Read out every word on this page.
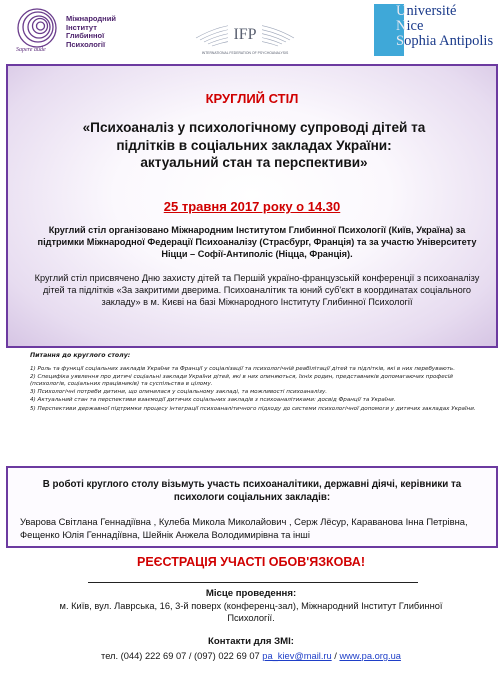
Sapere aude
Міжнародний
Інститут
Глибинної
Психології
IFP
INTERNATIONAL FEDERATION OF PSYCHOANALYSIS
Université
Nice
Sophia Antipolis
КРУГЛИЙ СТІЛ
«Психоаналіз у психологічному супроводі дітей та
підлітків в соціальних закладах України:
актуальний стан та перспективи»
25 травня 2017 року о 14.30
Круглий стіл організовано Міжнародним Інститутом Глибинної Психології (Київ, Україна) за підтримки Міжнародної Федерації Психоаналізу (Страсбург, Франція) та за участю Університету Ніцци – Софії-Антиполіс (Ніцца, Франція).
Круглий стіл присвячено Дню захисту дітей та Першій україно-французській конференції з психоаналізу дітей та підлітків «За закритими дверима. Психоаналітик та юний суб'єкт в координатах соціального закладу» в м. Києві на базі Міжнародного Інституту Глибинної Психології
Питання до круглого столу:
1) Роль та функції соціальних закладів України та Франції у соціалізації та психологічній реабілітації дітей та підлітків, які в них перебувають.
2) Специфіка уявлення про дитячі соціальні заклади України дітей, які в них опиняються, їхніх родин, представників допомагаючих професій (психологів, соціальних працівників) та суспільства в цілому.
3) Психологічні потреби дитини, що опинилася у соціальному закладі, та можливості психоаналізу.
4) Актуальний стан та перспективи взаємодії дитячих соціальних закладів з психоаналітиками: досвід Франції та України.
5) Перспективи державної підтримки процесу інтеграції психоаналітичного підходу до системи психологічної допомоги у дитячих закладах України.
В роботі круглого столу візьмуть участь психоаналітики, державні діячі, керівники та психологи соціальних закладів:
Уварова Світлана Геннадіївна , Кулеба Микола Миколайович , Серж Лёсур, Караванова Інна Петрівна, Фещенко Юлія Геннадіївна, Шейнік Анжела Володимирівна та інші
РЕЄСТРАЦІЯ УЧАСТІ ОБОВ'ЯЗКОВА!
Місце проведення:
м. Київ, вул. Лаврська, 16, 3-й поверх (конференц-зал), Міжнародний Інститут Глибинної Психології.
Контакти для ЗМІ:
тел. (044) 222 69 07 / (097) 022 69 07 pa_kiev@mail.ru / www.pa.org.ua
